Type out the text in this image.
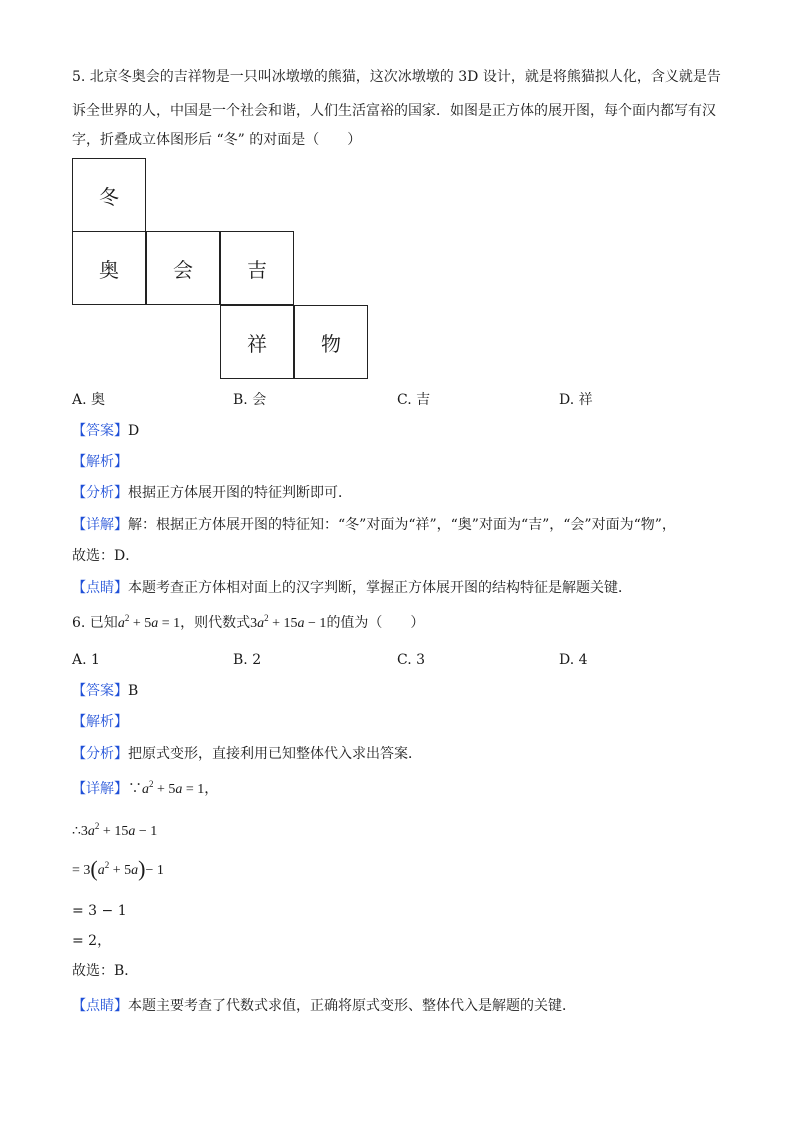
5. 北京冬奥会的吉祥物是一只叫冰墩墩的熊猫，这次冰墩墩的 3D 设计，就是将熊猫拟人化，含义就是告
诉全世界的人，中国是一个社会和谐，人们生活富裕的国家．如图是正方体的展开图，每个面内都写有汉
字，折叠成立体图形后 “冬” 的对面是（　　）
冬
奥	会	吉
祥	物
A. 奥	B. 会	C. 吉	D. 祥
【答案】D
【解析】
【分析】根据正方体展开图的特征判断即可．
【详解】解：根据正方体展开图的特征知：“冬”对面为“祥”，“奥”对面为“吉”，“会”对面为“物”，
故选：D．
【点睛】本题考查正方体相对面上的汉字判断，掌握正方体展开图的结构特征是解题关键．
6. 已知$a^2 + 5a = 1$，则代数式$3a^2 + 15a - 1$的值为（　　）
A. 1	B. 2	C. 3	D. 4
【答案】B
【解析】
【分析】把原式变形，直接利用已知整体代入求出答案．
【详解】$\because a^2 + 5a = 1$，
$\therefore 3a^2 + 15a - 1$
= $3(a^2 + 5a)- 1$
= 3 − 1
= 2，
故选：B．
【点睛】本题主要考查了代数式求值，正确将原式变形、整体代入是解题的关键．
